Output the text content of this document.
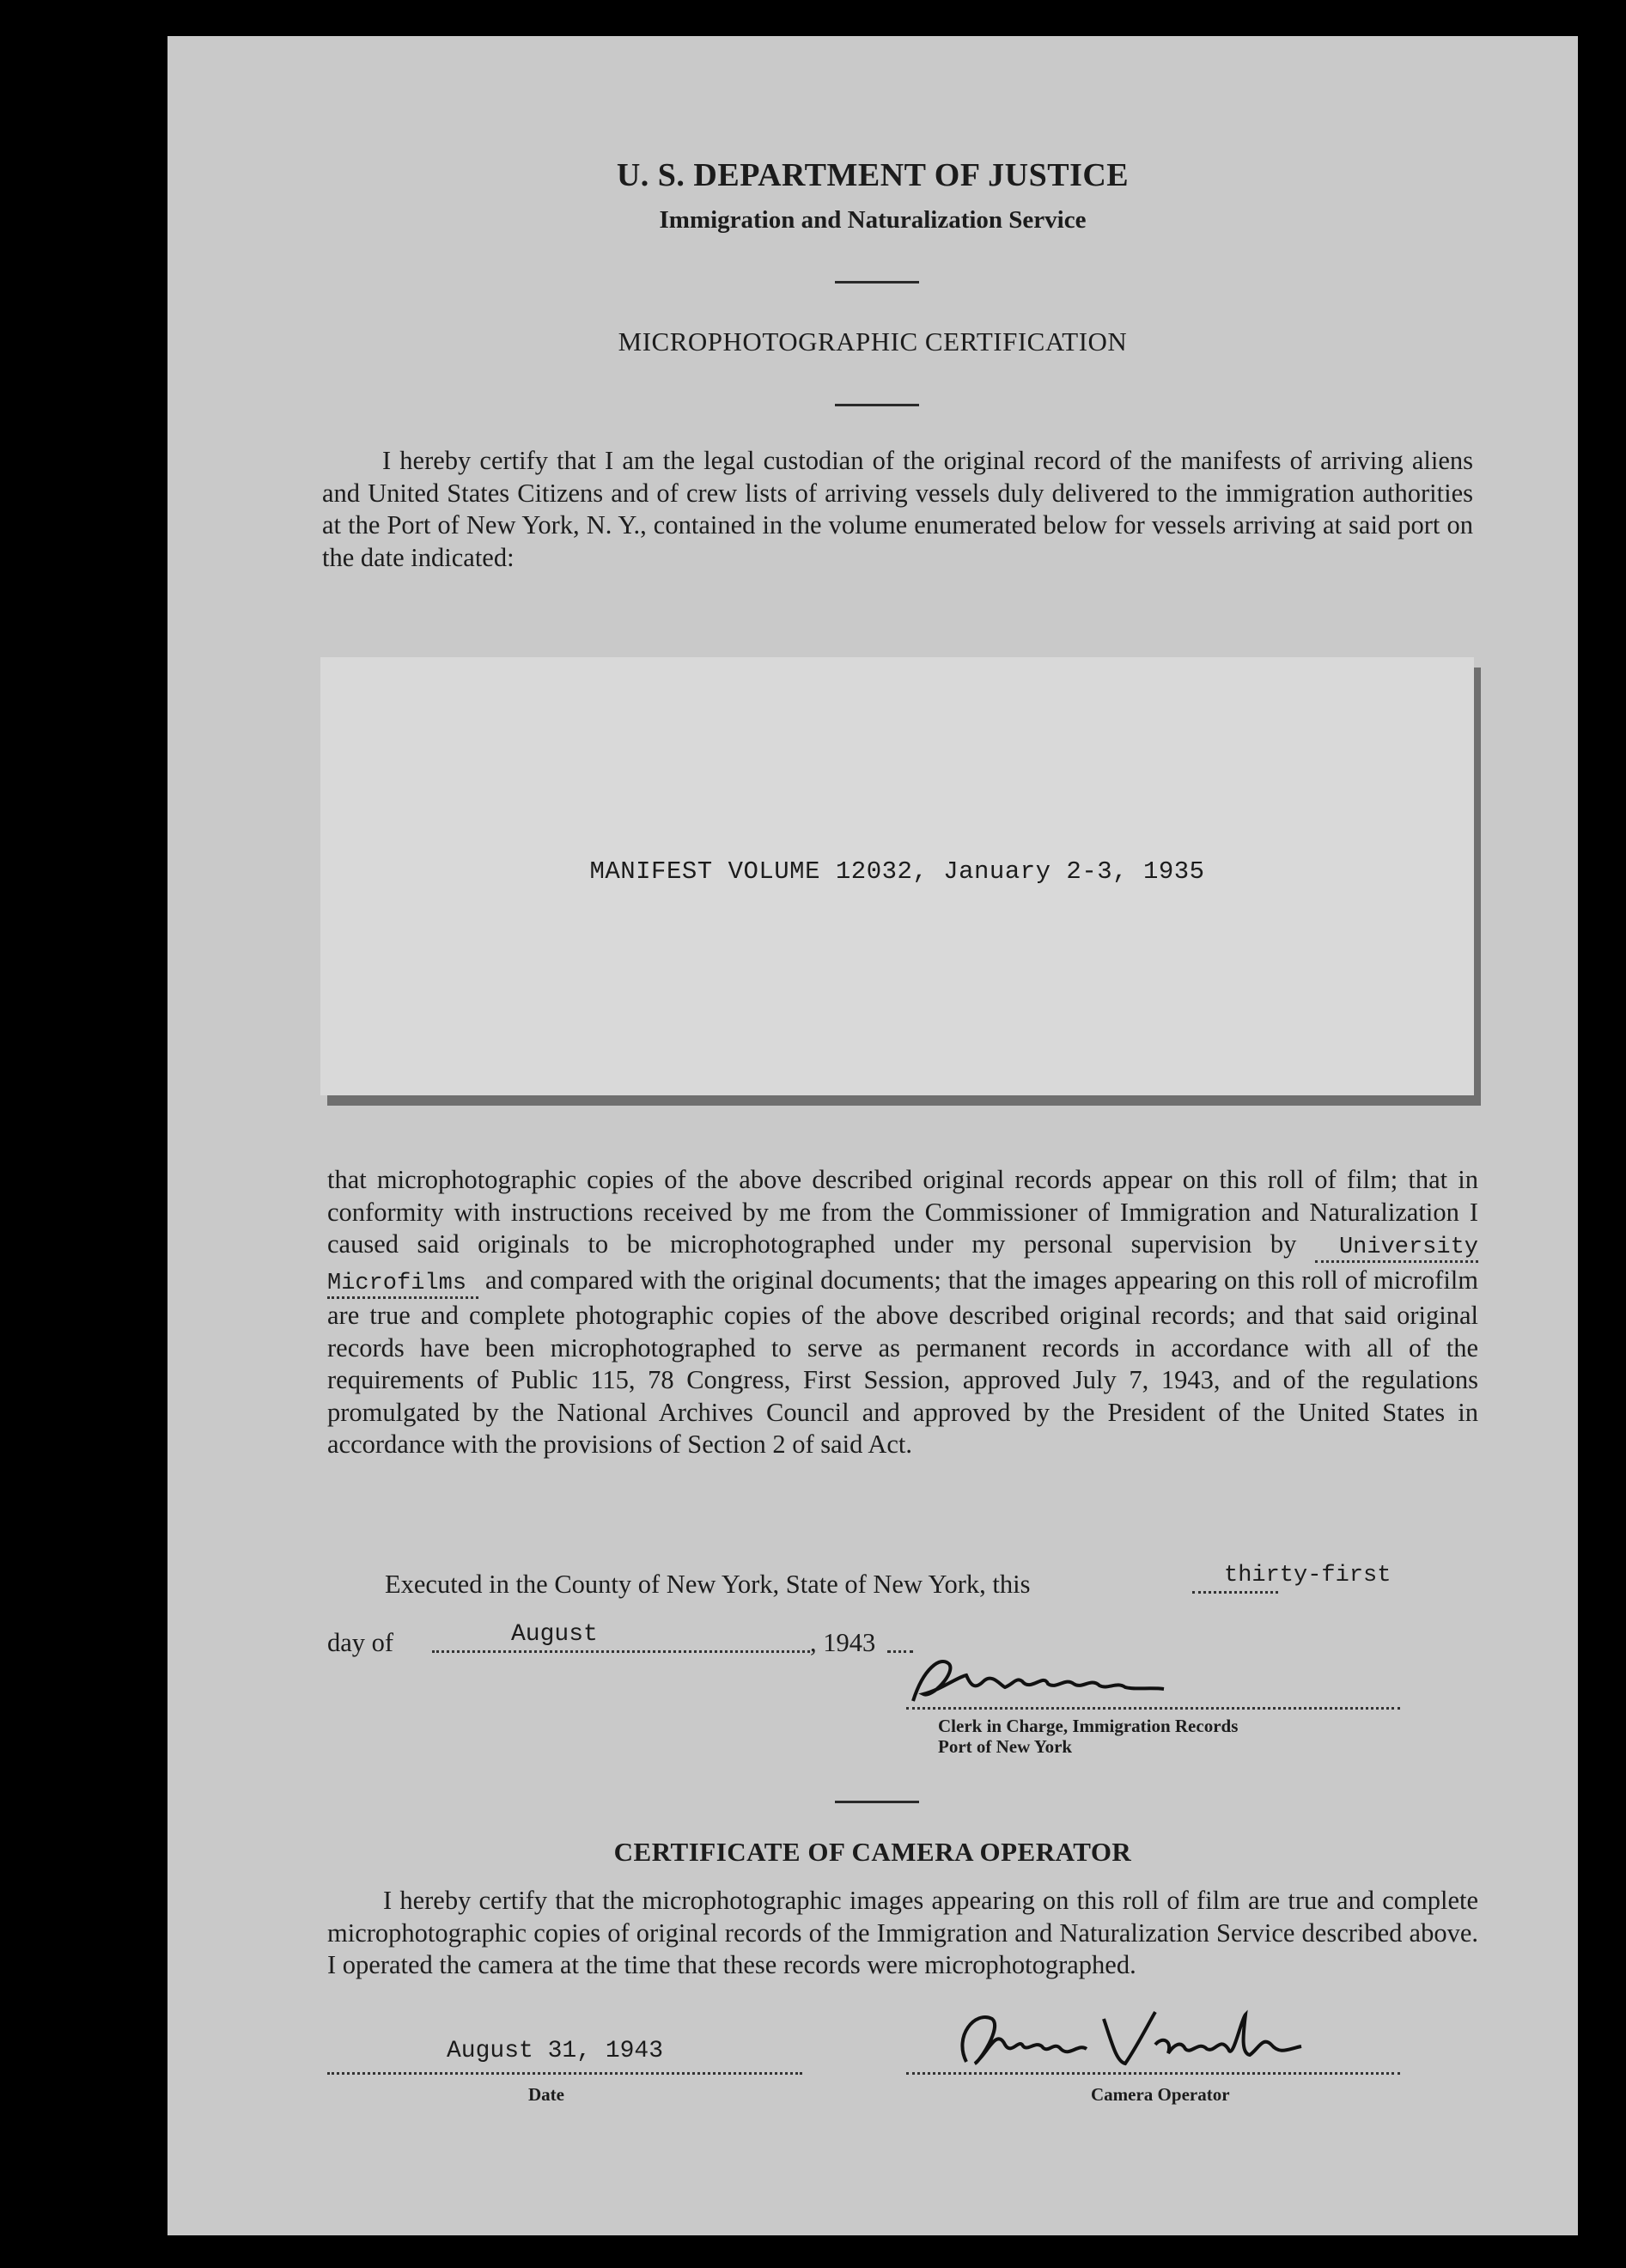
U. S. DEPARTMENT OF JUSTICE
Immigration and Naturalization Service
MICROPHOTOGRAPHIC CERTIFICATION
I hereby certify that I am the legal custodian of the original record of the manifests of arriving aliens and United States Citizens and of crew lists of arriving vessels duly delivered to the immigration authorities at the Port of New York, N. Y., contained in the volume enumerated below for vessels arriving at said port on the date indicated:
MANIFEST VOLUME 12032, January 2-3, 1935
that microphotographic copies of the above described original records appear on this roll of film; that in conformity with instructions received by me from the Commissioner of Immigration and Naturalization I caused said originals to be microphotographed under my personal supervision by University Microfilms and compared with the original documents; that the images appearing on this roll of microfilm are true and complete photographic copies of the above described original records; and that said original records have been microphotographed to serve as permanent records in accordance with all of the requirements of Public 115, 78 Congress, First Session, approved July 7, 1943, and of the regulations promulgated by the National Archives Council and approved by the President of the United States in accordance with the provisions of Section 2 of said Act.
Executed in the County of New York, State of New York, this	thirty-first
day of	August	, 1943
Clerk in Charge, Immigration Records
Port of New York
CERTIFICATE OF CAMERA OPERATOR
I hereby certify that the microphotographic images appearing on this roll of film are true and complete microphotographic copies of original records of the Immigration and Naturalization Service described above. I operated the camera at the time that these records were microphotographed.
August 31, 1943
Date	Camera Operator
